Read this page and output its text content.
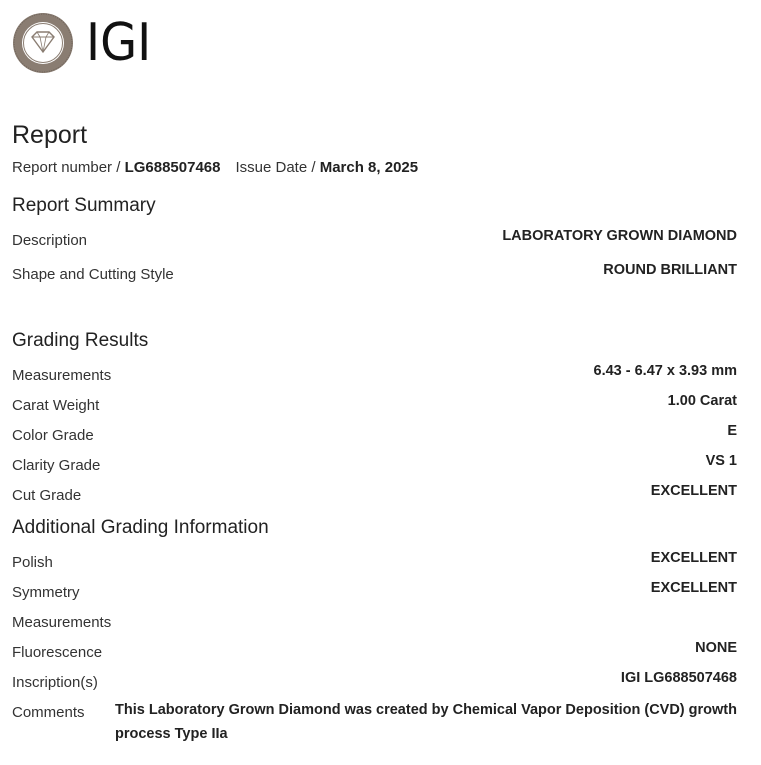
IGI
Report
Report number / LG688507468 Issue Date / March 8, 2025
Report Summary
Description	LABORATORY GROWN DIAMOND
Shape and Cutting Style	ROUND BRILLIANT
Grading Results
Measurements	6.43 - 6.47 x 3.93 mm
Carat Weight	1.00 Carat
Color Grade	E
Clarity Grade	VS 1
Cut Grade	EXCELLENT
Additional Grading Information
Polish	EXCELLENT
Symmetry	EXCELLENT
Measurements
Fluorescence	NONE
Inscription(s)	IGI LG688507468
Comments This Laboratory Grown Diamond was created by Chemical Vapor Deposition (CVD) growth process Type IIa
